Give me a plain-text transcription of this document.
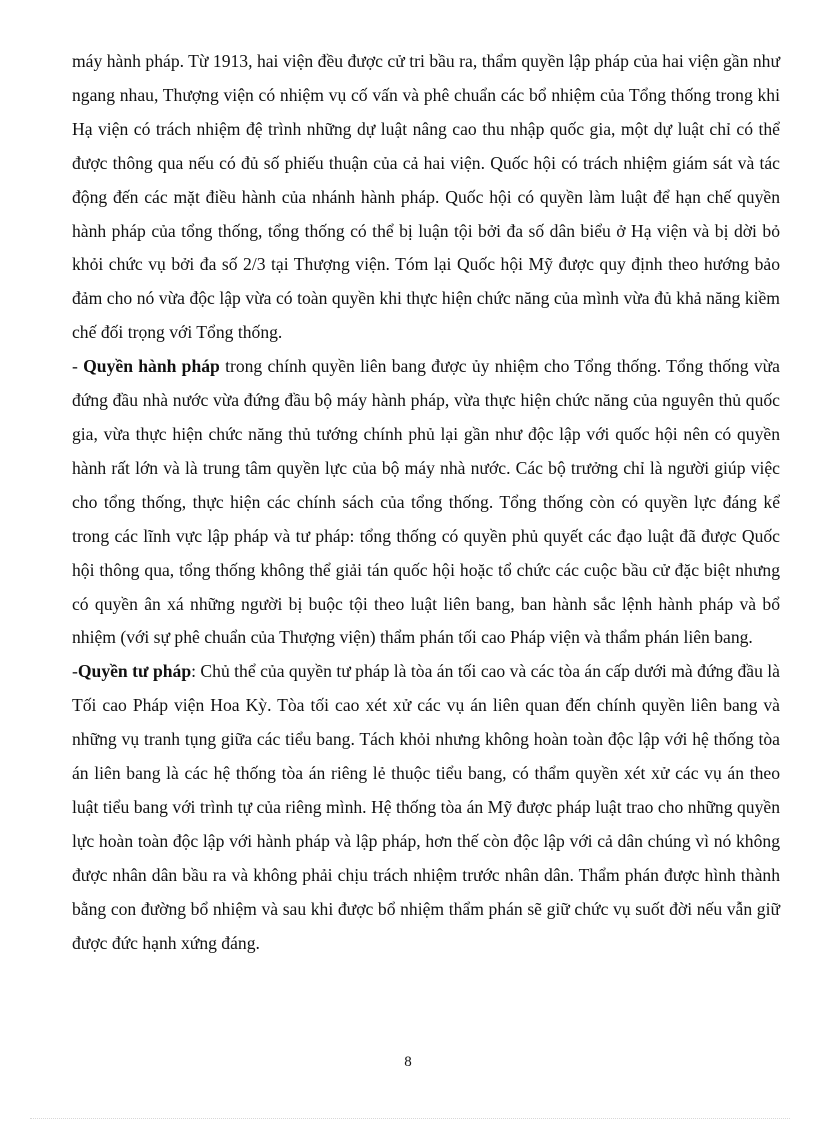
máy hành pháp. Từ 1913, hai viện đều được cử tri bầu ra, thẩm quyền lập pháp của hai viện gần như ngang nhau, Thượng viện có nhiệm vụ cố vấn và phê chuẩn các bổ nhiệm của Tổng thống trong khi Hạ viện có trách nhiệm đệ trình những dự luật nâng cao thu nhập quốc gia, một dự luật chỉ có thể được thông qua nếu có đủ số phiếu thuận của cả hai viện. Quốc hội có trách nhiệm giám sát và tác động đến các mặt điều hành của nhánh hành pháp. Quốc hội có quyền làm luật để hạn chế quyền hành pháp của tổng thống, tổng thống có thể bị luận tội bởi đa số dân biểu ở Hạ viện và bị dời bỏ khỏi chức vụ bởi đa số 2/3 tại Thượng viện. Tóm lại Quốc hội Mỹ được quy định theo hướng bảo đảm cho nó vừa độc lập vừa có toàn quyền khi thực hiện chức năng của mình vừa đủ khả năng kiềm chế đối trọng với Tổng thống.

- Quyền hành pháp trong chính quyền liên bang được ủy nhiệm cho Tổng thống. Tổng thống vừa đứng đầu nhà nước vừa đứng đầu bộ máy hành pháp, vừa thực hiện chức năng của nguyên thủ quốc gia, vừa thực hiện chức năng thủ tướng chính phủ lại gần như độc lập với quốc hội nên có quyền hành rất lớn và là trung tâm quyền lực của bộ máy nhà nước. Các bộ trưởng chỉ là người giúp việc cho tổng thống, thực hiện các chính sách của tổng thống. Tổng thống còn có quyền lực đáng kể trong các lĩnh vực lập pháp và tư pháp: tổng thống có quyền phủ quyết các đạo luật đã được Quốc hội thông qua, tổng thống không thể giải tán quốc hội hoặc tổ chức các cuộc bầu cử đặc biệt nhưng có quyền ân xá những người bị buộc tội theo luật liên bang, ban hành sắc lệnh hành pháp và bổ nhiệm (với sự phê chuẩn của Thượng viện) thẩm phán tối cao Pháp viện và thẩm phán liên bang.

-Quyền tư pháp: Chủ thể của quyền tư pháp là tòa án tối cao và các tòa án cấp dưới mà đứng đầu là Tối cao Pháp viện Hoa Kỳ. Tòa tối cao xét xử các vụ án liên quan đến chính quyền liên bang và những vụ tranh tụng giữa các tiểu bang. Tách khỏi nhưng không hoàn toàn độc lập với hệ thống tòa án liên bang là các hệ thống tòa án riêng lẻ thuộc tiểu bang, có thẩm quyền xét xử các vụ án theo luật tiểu bang với trình tự của riêng mình. Hệ thống tòa án Mỹ được pháp luật trao cho những quyền lực hoàn toàn độc lập với hành pháp và lập pháp, hơn thế còn độc lập với cả dân chúng vì nó không được nhân dân bầu ra và không phải chịu trách nhiệm trước nhân dân. Thẩm phán được hình thành bằng con đường bổ nhiệm và sau khi được bổ nhiệm thẩm phán sẽ giữ chức vụ suốt đời nếu vẫn giữ được đức hạnh xứng đáng.

8
